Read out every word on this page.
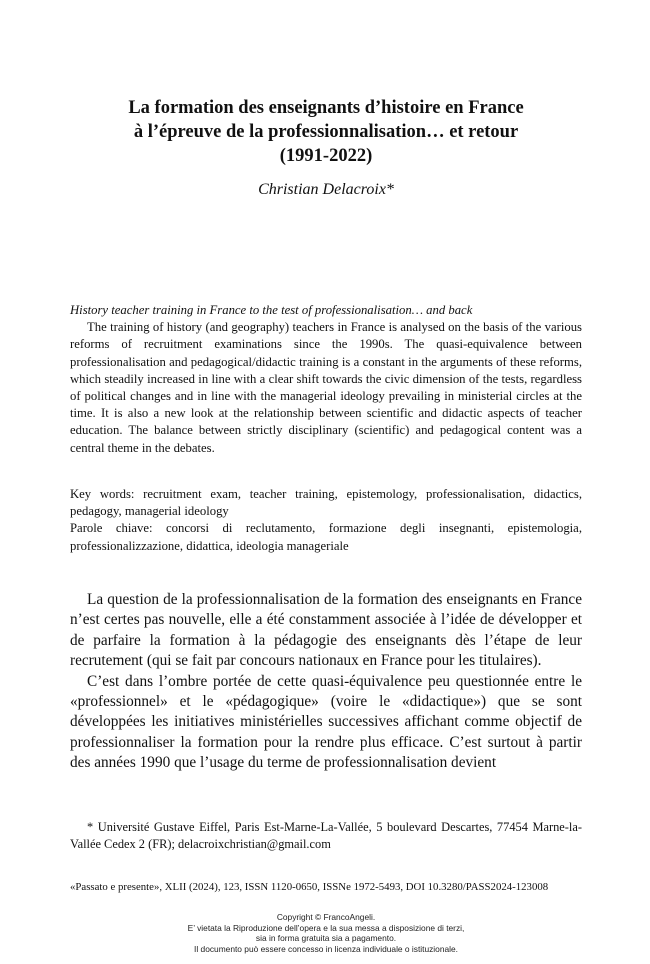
La formation des enseignants d’histoire en France
à l’épreuve de la professionnalisation… et retour
(1991-2022)
Christian Delacroix*
History teacher training in France to the test of professionalisation… and back
The training of history (and geography) teachers in France is analysed on the basis of the various reforms of recruitment examinations since the 1990s. The quasi-equivalence between professionalisation and pedagogical/didactic training is a constant in the arguments of these reforms, which steadily increased in line with a clear shift towards the civic dimension of the tests, regardless of political changes and in line with the managerial ideology prevailing in ministerial circles at the time. It is also a new look at the relationship between scientific and didactic aspects of teacher education. The balance between strictly disciplinary (scientific) and pedagogical content was a central theme in the debates.
Key words: recruitment exam, teacher training, epistemology, professionalisation, didactics, pedagogy, managerial ideology
Parole chiave: concorsi di reclutamento, formazione degli insegnanti, epistemologia, professionalizzazione, didattica, ideologia manageriale

La question de la professionnalisation de la formation des enseignants en France n’est certes pas nouvelle, elle a été constamment associée à l’idée de développer et de parfaire la formation à la pédagogie des enseignants dès l’étape de leur recrutement (qui se fait par concours nationaux en France pour les titulaires).

C’est dans l’ombre portée de cette quasi-équivalence peu questionnée entre le «professionnel» et le «pédagogique» (voire le «didactique») que se sont développées les initiatives ministérielles successives affichant comme objectif de professionnaliser la formation pour la rendre plus efficace. C’est surtout à partir des années 1990 que l’usage du terme de professionnalisation devient

* Université Gustave Eiffel, Paris Est-Marne-La-Vallée, 5 boulevard Descartes, 77454 Marne-la-Vallée Cedex 2 (FR); delacroixchristian@gmail.com
«Passato e presente», XLII (2024), 123, ISSN 1120-0650, ISSNe 1972-5493, DOI 10.3280/PASS2024-123008
Copyright © FrancoAngeli.
E’ vietata la Riproduzione dell’opera e la sua messa a disposizione di terzi,
sia in forma gratuita sia a pagamento.
Il documento può essere concesso in licenza individuale o istituzionale.
